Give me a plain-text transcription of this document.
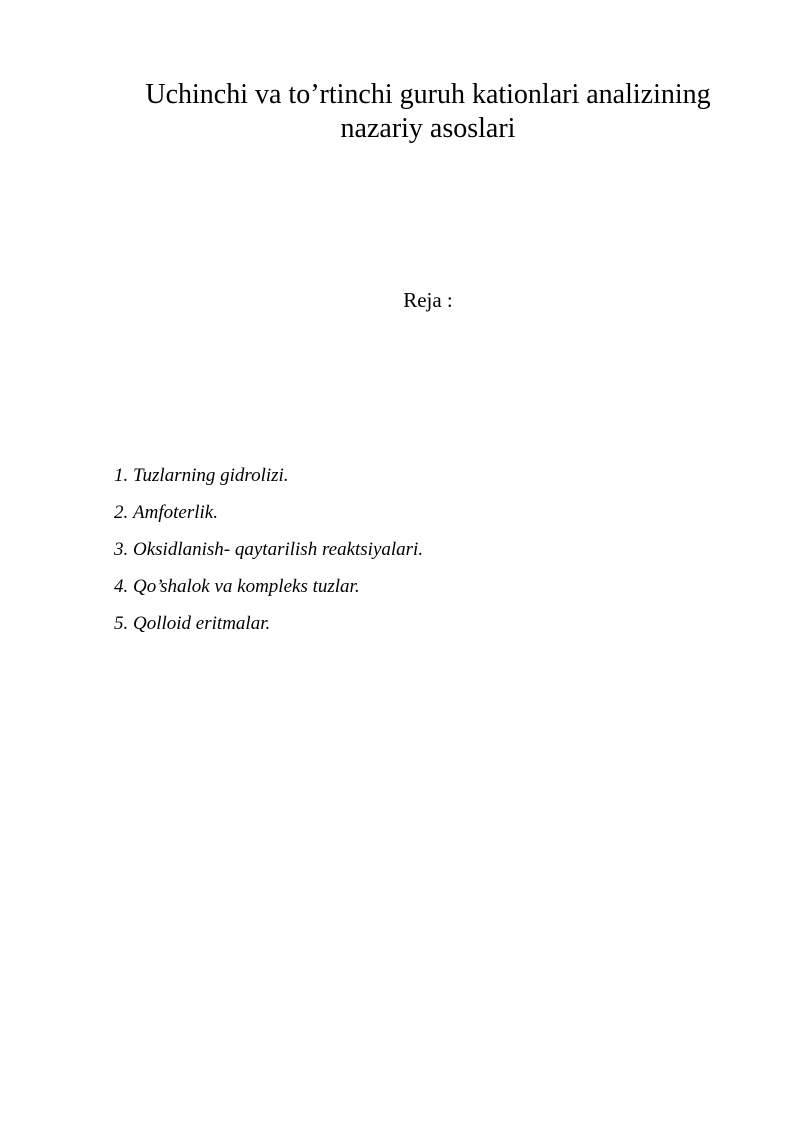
Uchinchi va to’rtinchi guruh kationlari analizining nazariy asoslari

Reja :

1. Tuzlarning gidrolizi.
2. Amfoterlik.
3. Oksidlanish- qaytarilish reaktsiyalari.
4. Qo’shalok va kompleks tuzlar.
5. Qolloid eritmalar.
